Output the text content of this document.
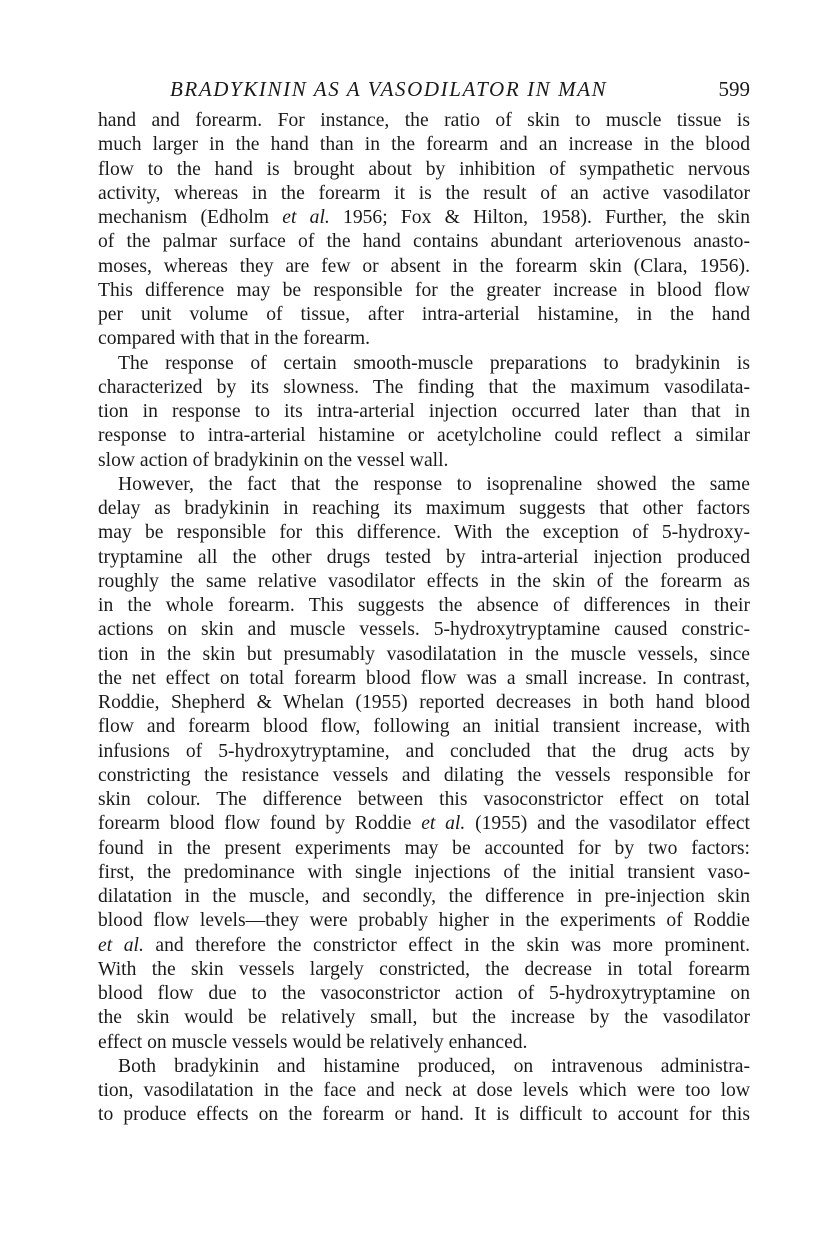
BRADYKININ AS A VASODILATOR IN MAN	599
hand and forearm. For instance, the ratio of skin to muscle tissue is
much larger in the hand than in the forearm and an increase in the blood
flow to the hand is brought about by inhibition of sympathetic nervous
activity, whereas in the forearm it is the result of an active vasodilator
mechanism (Edholm et al. 1956; Fox & Hilton, 1958). Further, the skin
of the palmar surface of the hand contains abundant arteriovenous anasto-
moses, whereas they are few or absent in the forearm skin (Clara, 1956).
This difference may be responsible for the greater increase in blood flow
per unit volume of tissue, after intra-arterial histamine, in the hand
compared with that in the forearm.
The response of certain smooth-muscle preparations to bradykinin is
characterized by its slowness. The finding that the maximum vasodilata-
tion in response to its intra-arterial injection occurred later than that in
response to intra-arterial histamine or acetylcholine could reflect a similar
slow action of bradykinin on the vessel wall.
However, the fact that the response to isoprenaline showed the same
delay as bradykinin in reaching its maximum suggests that other factors
may be responsible for this difference. With the exception of 5-hydroxy-
tryptamine all the other drugs tested by intra-arterial injection produced
roughly the same relative vasodilator effects in the skin of the forearm as
in the whole forearm. This suggests the absence of differences in their
actions on skin and muscle vessels. 5-hydroxytryptamine caused constric-
tion in the skin but presumably vasodilatation in the muscle vessels, since
the net effect on total forearm blood flow was a small increase. In contrast,
Roddie, Shepherd & Whelan (1955) reported decreases in both hand blood
flow and forearm blood flow, following an initial transient increase, with
infusions of 5-hydroxytryptamine, and concluded that the drug acts by
constricting the resistance vessels and dilating the vessels responsible for
skin colour. The difference between this vasoconstrictor effect on total
forearm blood flow found by Roddie et al. (1955) and the vasodilator effect
found in the present experiments may be accounted for by two factors:
first, the predominance with single injections of the initial transient vaso-
dilatation in the muscle, and secondly, the difference in pre-injection skin
blood flow levels—they were probably higher in the experiments of Roddie
et al. and therefore the constrictor effect in the skin was more prominent.
With the skin vessels largely constricted, the decrease in total forearm
blood flow due to the vasoconstrictor action of 5-hydroxytryptamine on
the skin would be relatively small, but the increase by the vasodilator
effect on muscle vessels would be relatively enhanced.
Both bradykinin and histamine produced, on intravenous administra-
tion, vasodilatation in the face and neck at dose levels which were too low
to produce effects on the forearm or hand. It is difficult to account for this
